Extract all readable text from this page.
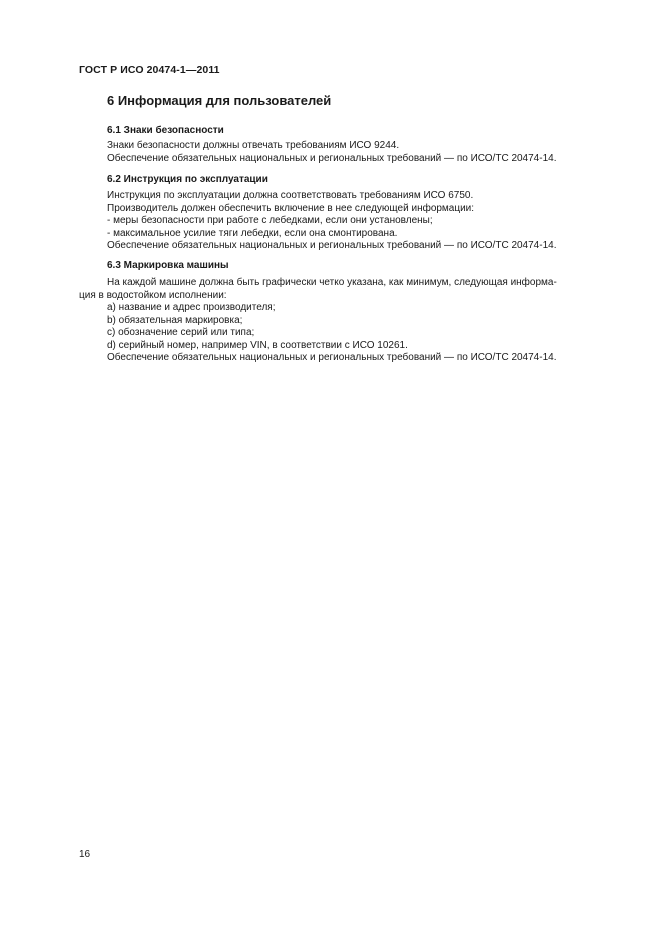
ГОСТ Р ИСО 20474-1—2011
6 Информация для пользователей
6.1 Знаки безопасности
Знаки безопасности должны отвечать требованиям ИСО 9244.
Обеспечение обязательных национальных и региональных требований — по ИСО/ТС 20474-14.
6.2 Инструкция по эксплуатации
Инструкция по эксплуатации должна соответствовать требованиям ИСО 6750.
Производитель должен обеспечить включение в нее следующей информации:
- меры безопасности при работе с лебедками, если они установлены;
- максимальное усилие тяги лебедки, если она смонтирована.
Обеспечение обязательных национальных и региональных требований — по ИСО/ТС 20474-14.
6.3 Маркировка машины
На каждой машине должна быть графически четко указана, как минимум, следующая информа-
ция в водостойком исполнении:
a) название и адрес производителя;
b) обязательная маркировка;
c) обозначение серий или типа;
d) серийный номер, например VIN, в соответствии с ИСО 10261.
Обеспечение обязательных национальных и региональных требований — по ИСО/ТС 20474-14.
16
